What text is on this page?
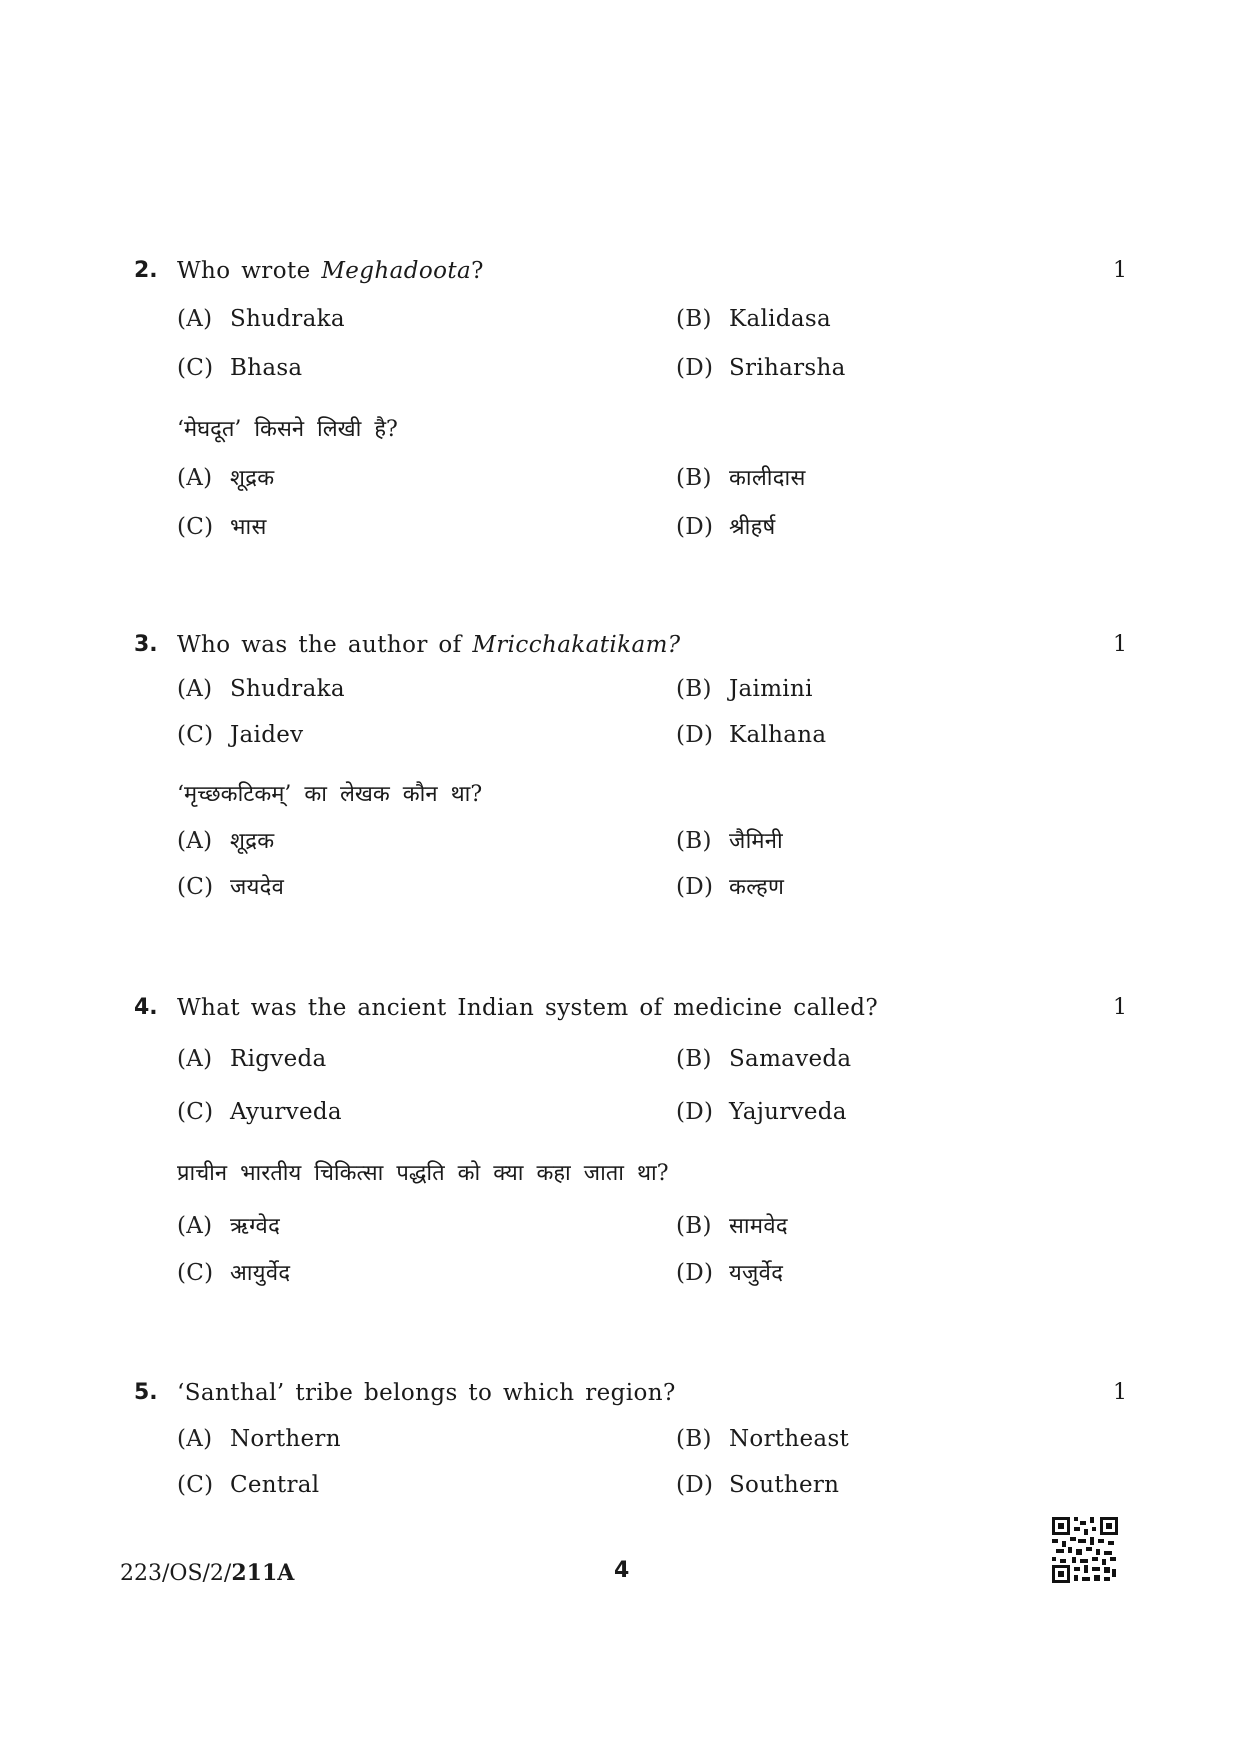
2. Who wrote Meghadoota?	1
(A) Shudraka	(B) Kalidasa
(C) Bhasa	(D) Sriharsha
‘मेघदूत’ किसने लिखी है?
(A) शूद्रक	(B) कालीदास
(C) भास	(D) श्रीहर्ष
3. Who was the author of Mricchakatikam?	1
(A) Shudraka	(B) Jaimini
(C) Jaidev	(D) Kalhana
‘मृच्छकटिकम्’ का लेखक कौन था?
(A) शूद्रक	(B) जैमिनी
(C) जयदेव	(D) कल्हण
4. What was the ancient Indian system of medicine called?	1
(A) Rigveda	(B) Samaveda
(C) Ayurveda	(D) Yajurveda
प्राचीन भारतीय चिकित्सा पद्धति को क्या कहा जाता था?
(A) ऋग्वेद	(B) सामवेद
(C) आयुर्वेद	(D) यजुर्वेद
5. ‘Santhal’ tribe belongs to which region?	1
(A) Northern	(B) Northeast
(C) Central	(D) Southern
223/OS/2/211A	4
